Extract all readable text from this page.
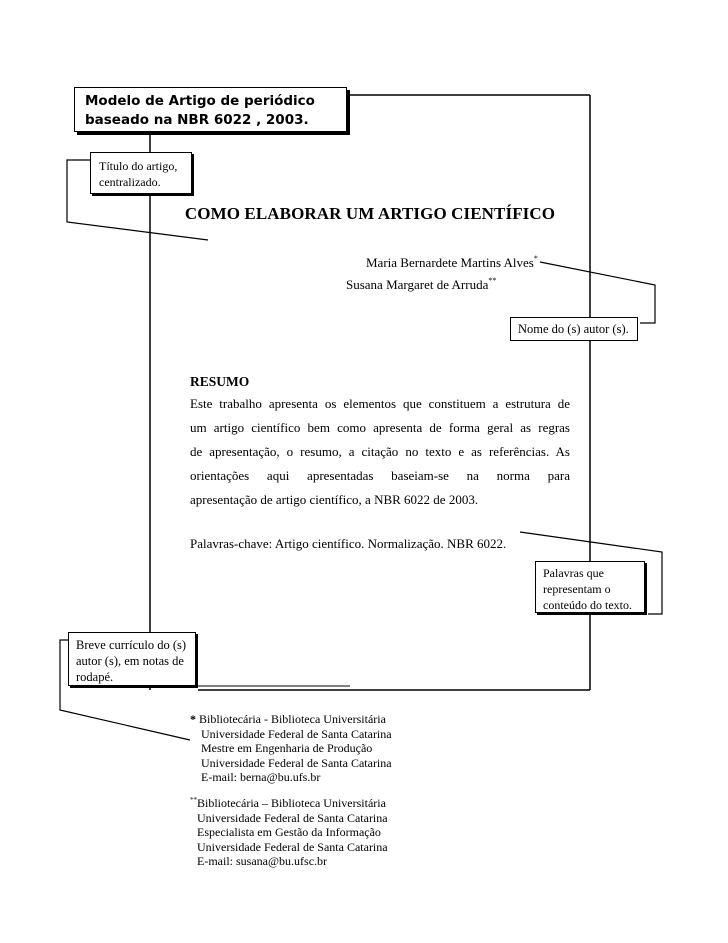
Modelo de Artigo de periódico
baseado na NBR 6022 , 2003.
Título do artigo,
centralizado.
COMO ELABORAR UM ARTIGO CIENTÍFICO
Maria Bernardete Martins Alves*
Susana Margaret de Arruda**
Nome do (s) autor (s).
RESUMO
Este trabalho apresenta os elementos que constituem a estrutura de
um artigo científico bem como apresenta de forma geral as regras
de apresentação, o resumo, a citação no texto e as referências. As
orientações aqui apresentadas baseiam-se na norma para
apresentação de artigo científico, a NBR 6022 de 2003.
Palavras-chave: Artigo científico. Normalização. NBR 6022.
Palavras que
representam o
conteúdo do texto.
Breve currículo do (s)
autor (s), em notas de
rodapé.
* Bibliotecária - Biblioteca Universitária
Universidade Federal de Santa Catarina
Mestre em Engenharia de Produção
Universidade Federal de Santa Catarina
E-mail: berna@bu.ufs.br
**Bibliotecária – Biblioteca Universitária
Universidade Federal de Santa Catarina
Especialista em Gestão da Informação
Universidade Federal de Santa Catarina
E-mail: susana@bu.ufsc.br
